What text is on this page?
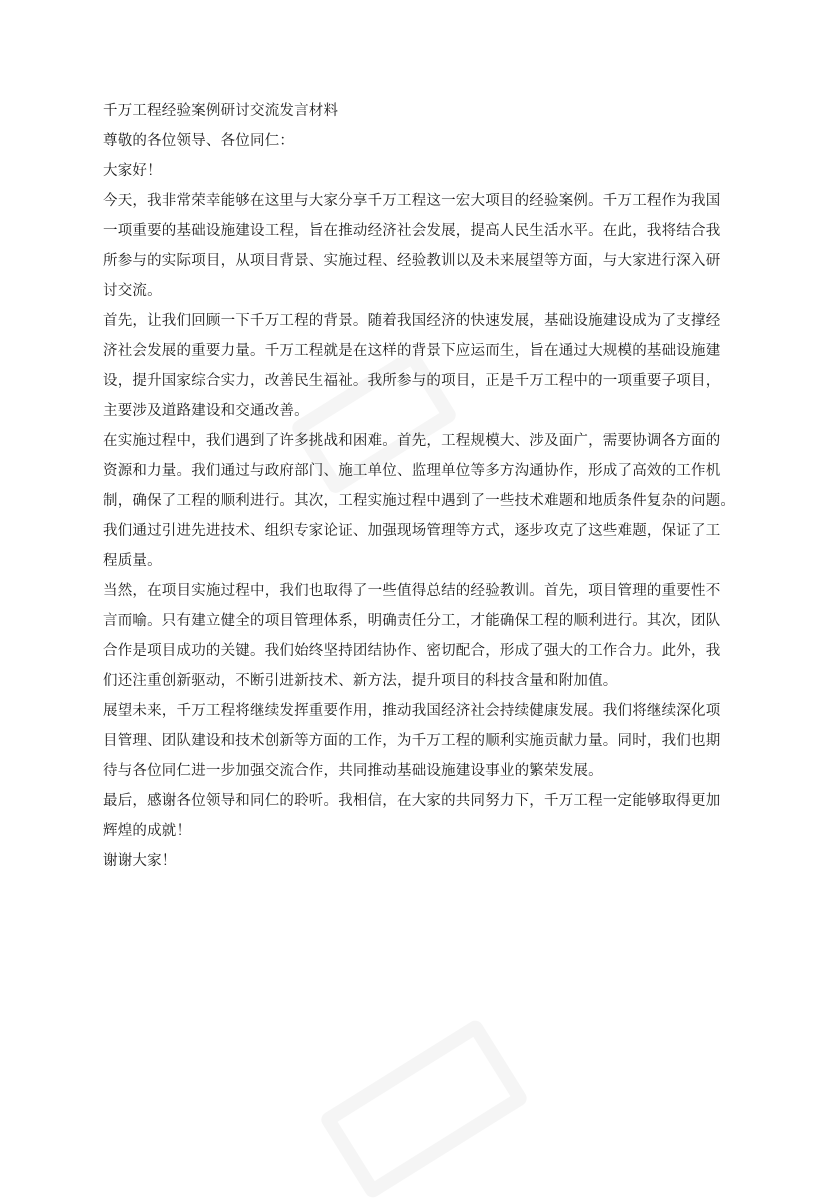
千万工程经验案例研讨交流发言材料
尊敬的各位领导、各位同仁：
大家好！
今天，我非常荣幸能够在这里与大家分享千万工程这一宏大项目的经验案例。千万工程作为我国
一项重要的基础设施建设工程，旨在推动经济社会发展，提高人民生活水平。在此，我将结合我
所参与的实际项目，从项目背景、实施过程、经验教训以及未来展望等方面，与大家进行深入研
讨交流。
首先，让我们回顾一下千万工程的背景。随着我国经济的快速发展，基础设施建设成为了支撑经
济社会发展的重要力量。千万工程就是在这样的背景下应运而生，旨在通过大规模的基础设施建
设，提升国家综合实力，改善民生福祉。我所参与的项目，正是千万工程中的一项重要子项目，
主要涉及道路建设和交通改善。
在实施过程中，我们遇到了许多挑战和困难。首先，工程规模大、涉及面广，需要协调各方面的
资源和力量。我们通过与政府部门、施工单位、监理单位等多方沟通协作，形成了高效的工作机
制，确保了工程的顺利进行。其次，工程实施过程中遇到了一些技术难题和地质条件复杂的问题。
我们通过引进先进技术、组织专家论证、加强现场管理等方式，逐步攻克了这些难题，保证了工
程质量。
当然，在项目实施过程中，我们也取得了一些值得总结的经验教训。首先，项目管理的重要性不
言而喻。只有建立健全的项目管理体系，明确责任分工，才能确保工程的顺利进行。其次，团队
合作是项目成功的关键。我们始终坚持团结协作、密切配合，形成了强大的工作合力。此外，我
们还注重创新驱动，不断引进新技术、新方法，提升项目的科技含量和附加值。
展望未来，千万工程将继续发挥重要作用，推动我国经济社会持续健康发展。我们将继续深化项
目管理、团队建设和技术创新等方面的工作，为千万工程的顺利实施贡献力量。同时，我们也期
待与各位同仁进一步加强交流合作，共同推动基础设施建设事业的繁荣发展。
最后，感谢各位领导和同仁的聆听。我相信，在大家的共同努力下，千万工程一定能够取得更加
辉煌的成就！
谢谢大家！
